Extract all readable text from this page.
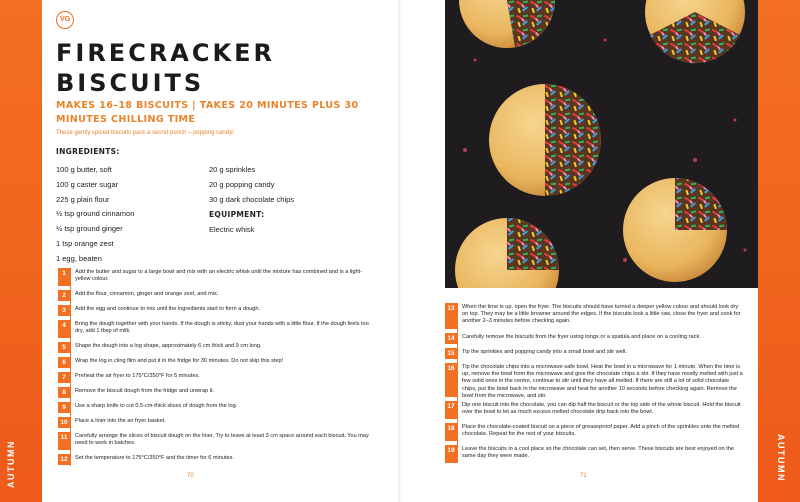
AUTUMN	AUTUMN
VG
FIRECRACKER BISCUITS
MAKES 16–18 BISCUITS | TAKES 20 MINUTES PLUS 30 MINUTES CHILLING TIME
These gently spiced biscuits pack a secret punch – popping candy!
INGREDIENTS:
100 g butter, soft
100 g caster sugar
225 g plain flour
½ tsp ground cinnamon
½ tsp ground ginger
1 tsp orange zest
1 egg, beaten
20 g sprinkles
20 g popping candy
30 g dark chocolate chips
EQUIPMENT:
Electric whisk
1	Add the butter and sugar to a large bowl and mix with an electric whisk until the mixture has combined and is a light-yellow colour.
2	Add the flour, cinnamon, ginger and orange zest, and mix.
3	Add the egg and continue to mix until the ingredients start to form a dough.
4	Bring the dough together with your hands. If the dough is sticky, dust your hands with a little flour. If the dough feels too dry, add 1 tbsp of milk.
5	Shape the dough into a log shape, approximately 6 cm thick and 9 cm long.
6	Wrap the log in cling film and put it in the fridge for 30 minutes. Do not skip this step!
7	Preheat the air fryer to 175°C/350°F for 5 minutes.
8	Remove the biscuit dough from the fridge and unwrap it.
9	Use a sharp knife to cut 0.5-cm-thick slices of dough from the log.
10	Place a liner into the air fryer basket.
11	Carefully arrange the slices of biscuit dough on the liner. Try to leave at least 3 cm space around each biscuit. You may need to work in batches.
12	Set the temperature to 175°C/350°F and the timer for 6 minutes.
70
13	When the time is up, open the fryer. The biscuits should have turned a deeper yellow colour and should look dry on top. They may be a little browner around the edges. If the biscuits look a little raw, close the fryer and cook for another 2–3 minutes before checking again.
14	Carefully remove the biscuits from the fryer using tongs or a spatula and place on a cooling rack.
15	Tip the sprinkles and popping candy into a small bowl and stir well.
16	Tip the chocolate chips into a microwave-safe bowl. Heat the bowl in a microwave for 1 minute. When the time is up, remove the bowl from the microwave and give the chocolate chips a stir. If they have mostly melted with just a few solid ones in the centre, continue to stir until they have all melted. If there are still a lot of solid chocolate chips, put the bowl back in the microwave and heat for another 10 seconds before checking again. Remove the bowl from the microwave, and stir.
17	Dip one biscuit into the chocolate, you can dip half the biscuit or the top side of the whole biscuit. Hold the biscuit over the bowl to let as much excess melted chocolate drip back into the bowl.
18	Place the chocolate-coated biscuit on a piece of greaseproof paper. Add a pinch of the sprinkles onto the melted chocolate. Repeat for the rest of your biscuits.
19	Leave the biscuits in a cool place so the chocolate can set, then serve. These biscuits are best enjoyed on the same day they were made.
71
